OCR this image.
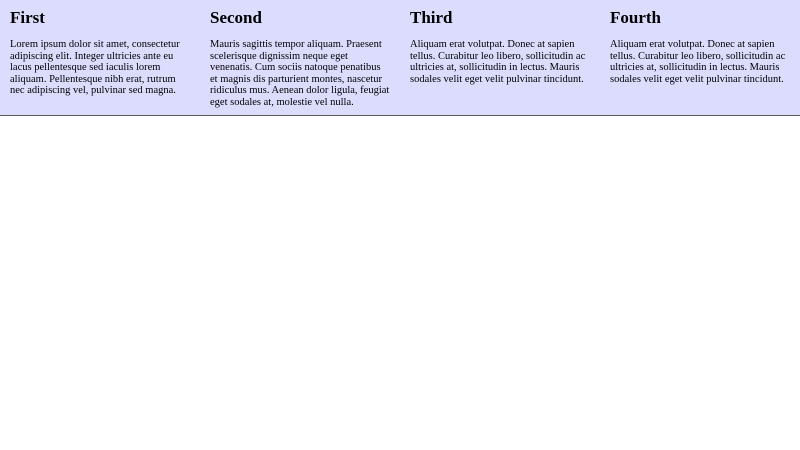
First

Lorem ipsum dolor sit amet, consectetur adipiscing elit. Integer ultricies ante eu lacus pellentesque sed iaculis lorem aliquam. Pellentesque nibh erat, rutrum nec adipiscing vel, pulvinar sed magna.

Second

Mauris sagittis tempor aliquam. Praesent scelerisque dignissim neque eget venenatis. Cum sociis natoque penatibus et magnis dis parturient montes, nascetur ridiculus mus. Aenean dolor ligula, feugiat eget sodales at, molestie vel nulla.

Third

Aliquam erat volutpat. Donec at sapien tellus. Curabitur leo libero, sollicitudin ac ultricies at, sollicitudin in lectus. Mauris sodales velit eget velit pulvinar tincidunt.

Fourth

Aliquam erat volutpat. Donec at sapien tellus. Curabitur leo libero, sollicitudin ac ultricies at, sollicitudin in lectus. Mauris sodales velit eget velit pulvinar tincidunt.
